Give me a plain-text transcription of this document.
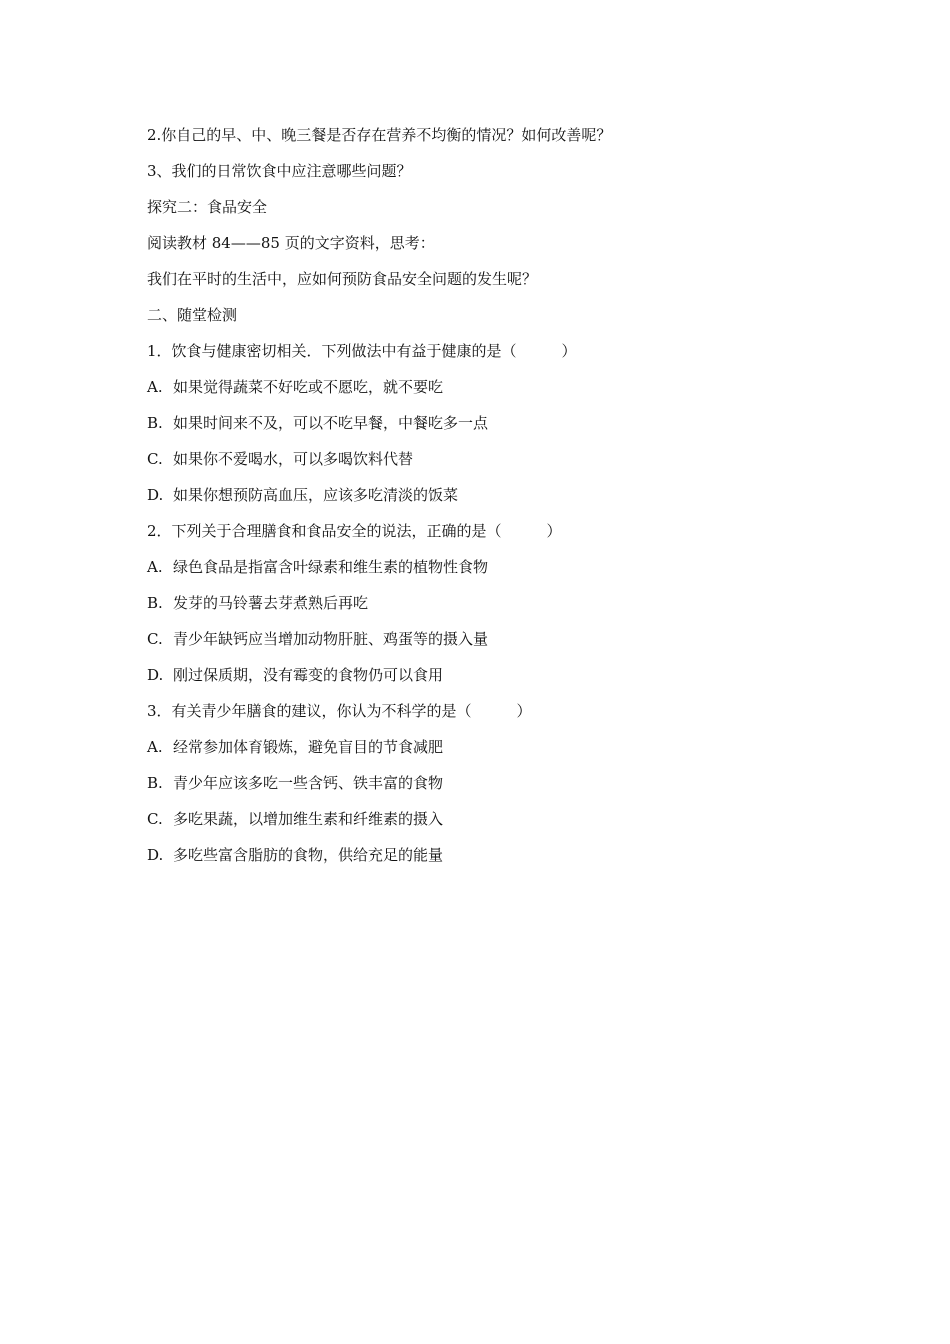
2.你自己的早、中、晚三餐是否存在营养不均衡的情况？如何改善呢？
3、我们的日常饮食中应注意哪些问题？
探究二：食品安全
阅读教材 84——85 页的文字资料，思考：
我们在平时的生活中，应如何预防食品安全问题的发生呢？
二、随堂检测
1．饮食与健康密切相关．下列做法中有益于健康的是（　　　）
A. 如果觉得蔬菜不好吃或不愿吃，就不要吃
B. 如果时间来不及，可以不吃早餐，中餐吃多一点
C. 如果你不爱喝水，可以多喝饮料代替
D. 如果你想预防高血压，应该多吃清淡的饭菜
2．下列关于合理膳食和食品安全的说法，正确的是（　　　）
A. 绿色食品是指富含叶绿素和维生素的植物性食物
B. 发芽的马铃薯去芽煮熟后再吃
C. 青少年缺钙应当增加动物肝脏、鸡蛋等的摄入量
D. 刚过保质期，没有霉变的食物仍可以食用
3．有关青少年膳食的建议，你认为不科学的是（　　　）
A. 经常参加体育锻炼，避免盲目的节食减肥
B. 青少年应该多吃一些含钙、铁丰富的食物
C. 多吃果蔬，以增加维生素和纤维素的摄入
D. 多吃些富含脂肪的食物，供给充足的能量
